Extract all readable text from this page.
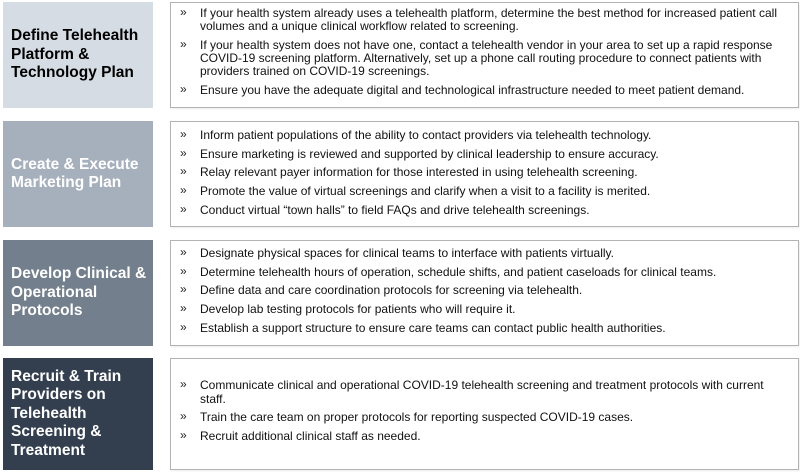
Define Telehealth Platform & Technology Plan
» If your health system already uses a telehealth platform, determine the best method for increased patient call volumes and a unique clinical workflow related to screening.
» If your health system does not have one, contact a telehealth vendor in your area to set up a rapid response COVID-19 screening platform. Alternatively, set up a phone call routing procedure to connect patients with providers trained on COVID-19 screenings.
» Ensure you have the adequate digital and technological infrastructure needed to meet patient demand.
Create & Execute Marketing Plan
» Inform patient populations of the ability to contact providers via telehealth technology.
» Ensure marketing is reviewed and supported by clinical leadership to ensure accuracy.
» Relay relevant payer information for those interested in using telehealth screening.
» Promote the value of virtual screenings and clarify when a visit to a facility is merited.
» Conduct virtual “town halls” to field FAQs and drive telehealth screenings.
Develop Clinical & Operational Protocols
» Designate physical spaces for clinical teams to interface with patients virtually.
» Determine telehealth hours of operation, schedule shifts, and patient caseloads for clinical teams.
» Define data and care coordination protocols for screening via telehealth.
» Develop lab testing protocols for patients who will require it.
» Establish a support structure to ensure care teams can contact public health authorities.
Recruit & Train Providers on Telehealth Screening & Treatment
» Communicate clinical and operational COVID-19 telehealth screening and treatment protocols with current staff.
» Train the care team on proper protocols for reporting suspected COVID-19 cases.
» Recruit additional clinical staff as needed.
